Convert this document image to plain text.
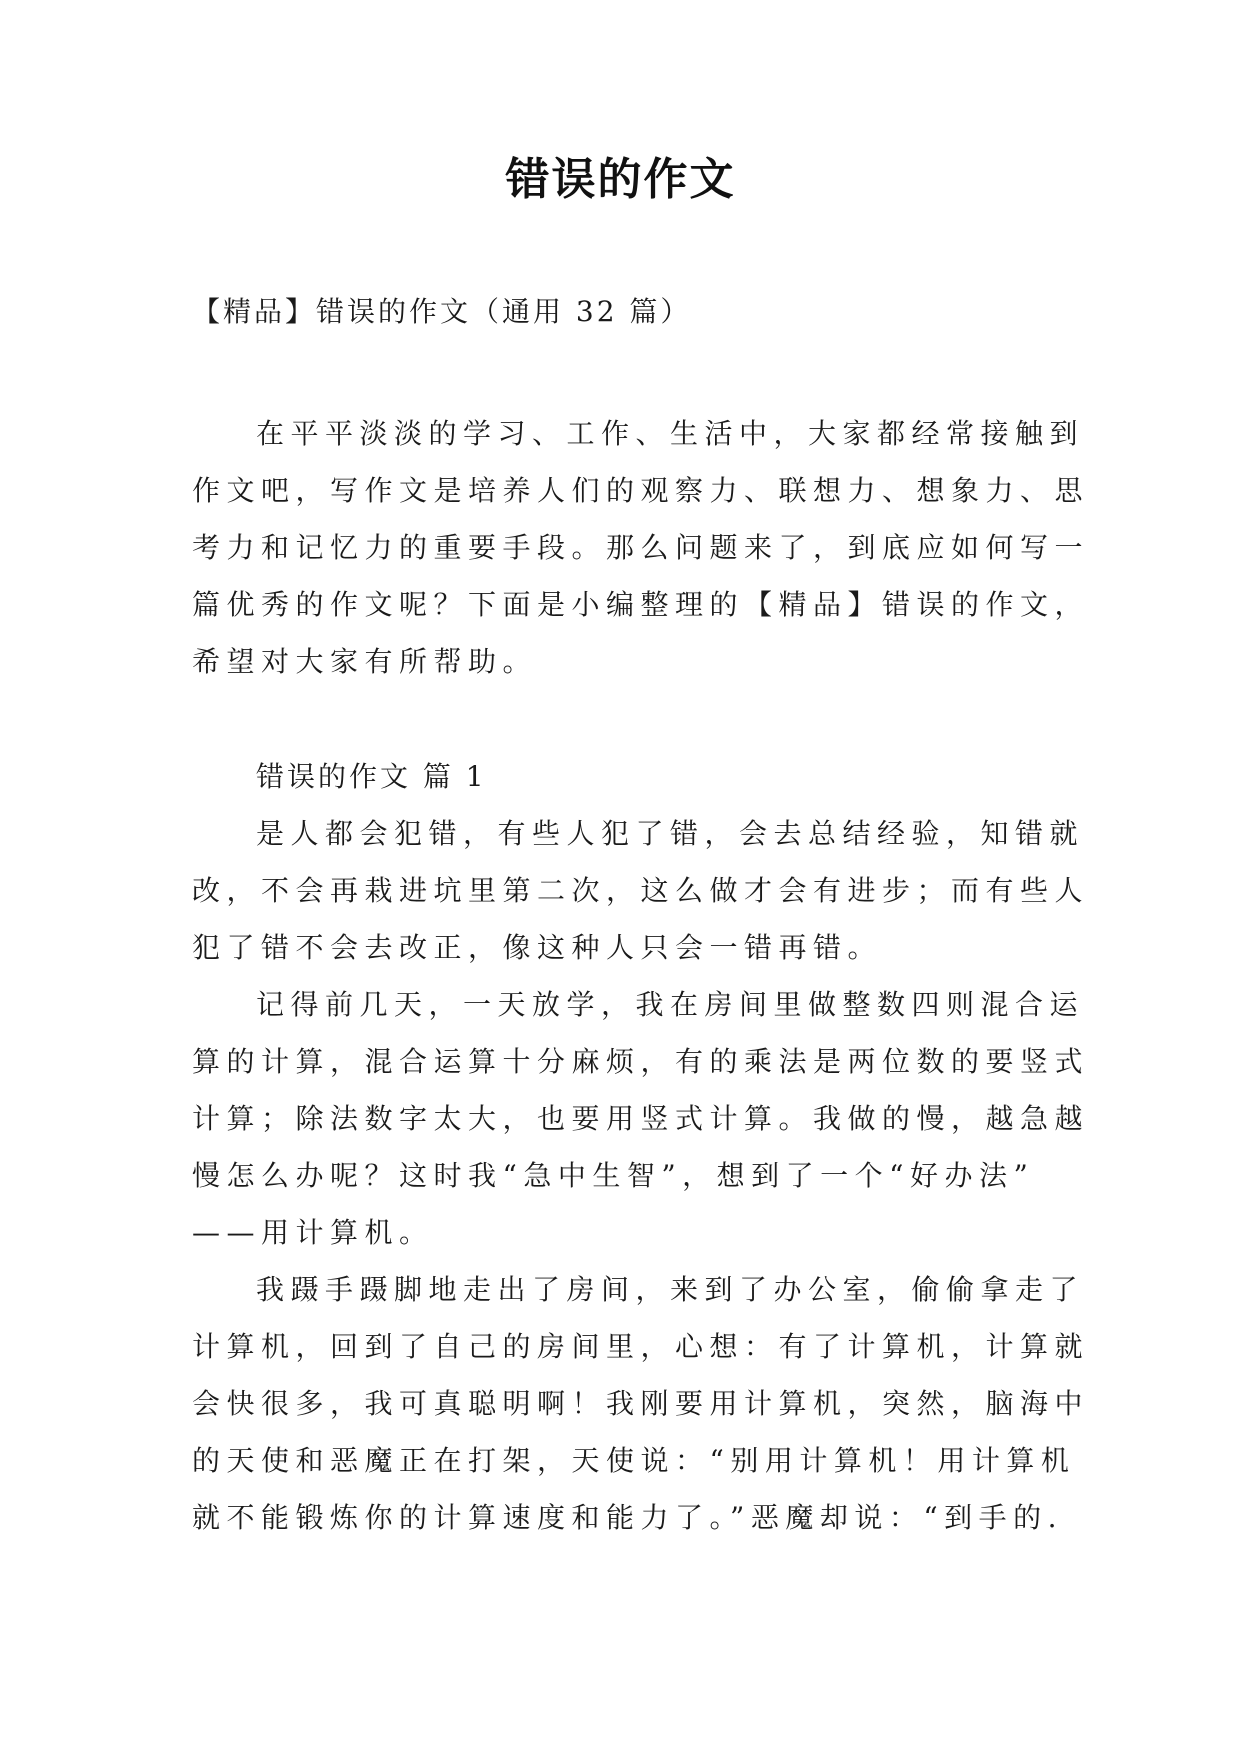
错误的作文
【精品】错误的作文（通用 32 篇）
在平平淡淡的学习、工作、生活中，大家都经常接触到
作文吧，写作文是培养人们的观察力、联想力、想象力、思
考力和记忆力的重要手段。那么问题来了，到底应如何写一
篇优秀的作文呢？下面是小编整理的【精品】错误的作文，
希望对大家有所帮助。
错误的作文 篇 1
是人都会犯错，有些人犯了错，会去总结经验，知错就
改，不会再栽进坑里第二次，这么做才会有进步；而有些人
犯了错不会去改正，像这种人只会一错再错。
记得前几天，一天放学，我在房间里做整数四则混合运
算的计算，混合运算十分麻烦，有的乘法是两位数的要竖式
计算；除法数字太大，也要用竖式计算。我做的慢，越急越
慢怎么办呢？这时我“急中生智”，想到了一个“好办法”
——用计算机。
我蹑手蹑脚地走出了房间，来到了办公室，偷偷拿走了
计算机，回到了自己的房间里，心想：有了计算机，计算就
会快很多，我可真聪明啊！我刚要用计算机，突然，脑海中
的天使和恶魔正在打架，天使说：“别用计算机！用计算机
就不能锻炼你的计算速度和能力了。”恶魔却说：“到手的.
